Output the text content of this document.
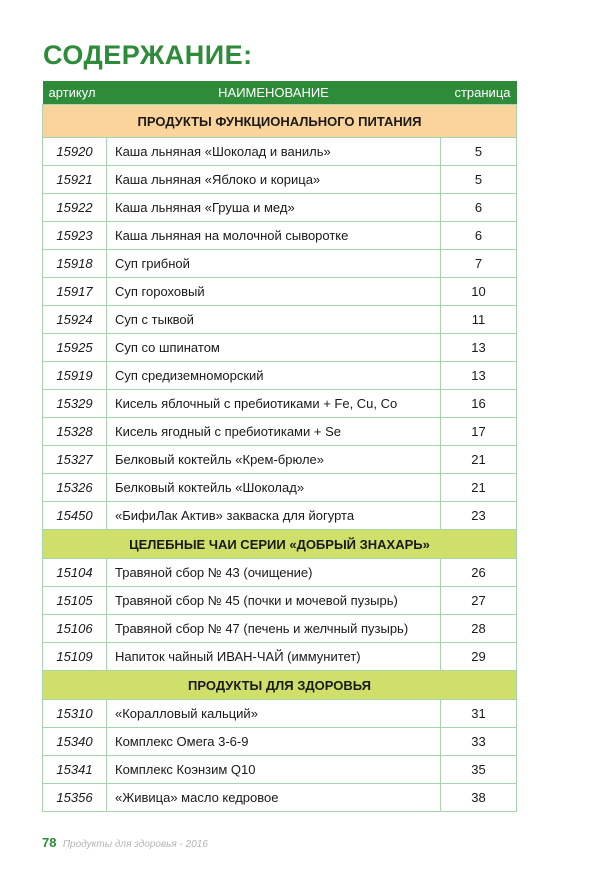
СОДЕРЖАНИЕ:
артикул	НАИМЕНОВАНИЕ	страница
ПРОДУКТЫ ФУНКЦИОНАЛЬНОГО ПИТАНИЯ		
15920	Каша льняная «Шоколад и ваниль»	5
15921	Каша льняная «Яблоко и корица»	5
15922	Каша льняная «Груша и мед»	6
15923	Каша льняная на молочной сыворотке	6
15918	Суп грибной	7
15917	Суп гороховый	10
15924	Суп с тыквой	11
15925	Суп со шпинатом	13
15919	Суп средиземноморский	13
15329	Кисель яблочный с пребиотиками + Fe, Cu, Co	16
15328	Кисель ягодный с пребиотиками + Se	17
15327	Белковый коктейль «Крем-брюле»	21
15326	Белковый коктейль «Шоколад»	21
15450	«БифиЛак Актив» закваска для йогурта	23
ЦЕЛЕБНЫЕ ЧАИ СЕРИИ «ДОБРЫЙ ЗНАХАРЬ»		
15104	Травяной сбор № 43 (очищение)	26
15105	Травяной сбор № 45 (почки и мочевой пузырь)	27
15106	Травяной сбор № 47 (печень и желчный пузырь)	28
15109	Напиток чайный ИВАН-ЧАЙ (иммунитет)	29
ПРОДУКТЫ ДЛЯ ЗДОРОВЬЯ		
15310	«Коралловый кальций»	31
15340	Комплекс Омега 3-6-9	33
15341	Комплекс Коэнзим Q10	35
15356	«Живица» масло кедровое	38
78 Продукты для здоровья - 2016
